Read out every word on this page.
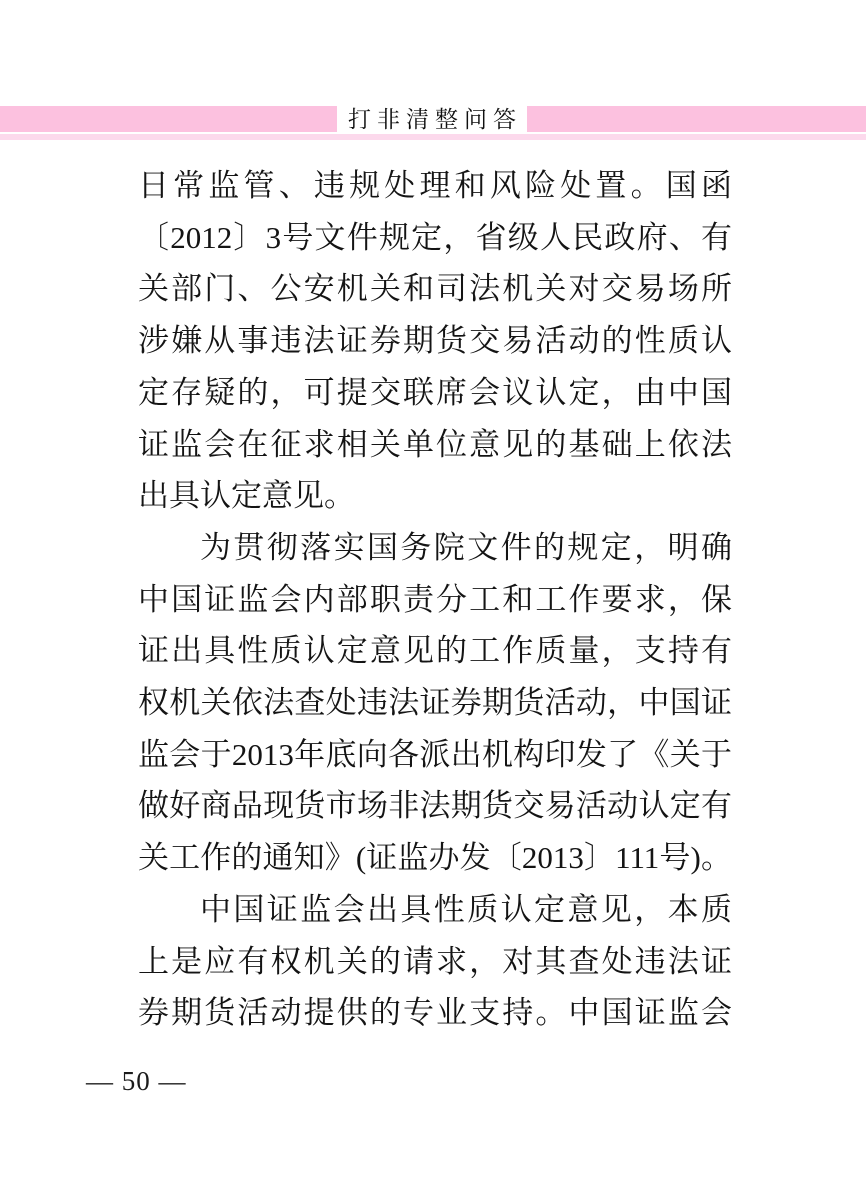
打非清整问答
日常监管、违规处理和风险处置。国函
〔2012〕3号文件规定，省级人民政府、有
关部门、公安机关和司法机关对交易场所
涉嫌从事违法证券期货交易活动的性质认
定存疑的，可提交联席会议认定，由中国
证监会在征求相关单位意见的基础上依法
出具认定意见。
为贯彻落实国务院文件的规定，明确
中国证监会内部职责分工和工作要求，保
证出具性质认定意见的工作质量，支持有
权机关依法查处违法证券期货活动，中国证
监会于2013年底向各派出机构印发了《关于
做好商品现货市场非法期货交易活动认定有
关工作的通知》(证监办发〔2013〕111号)。
中国证监会出具性质认定意见，本质
上是应有权机关的请求，对其查处违法证
券期货活动提供的专业支持。中国证监会
— 50 —
